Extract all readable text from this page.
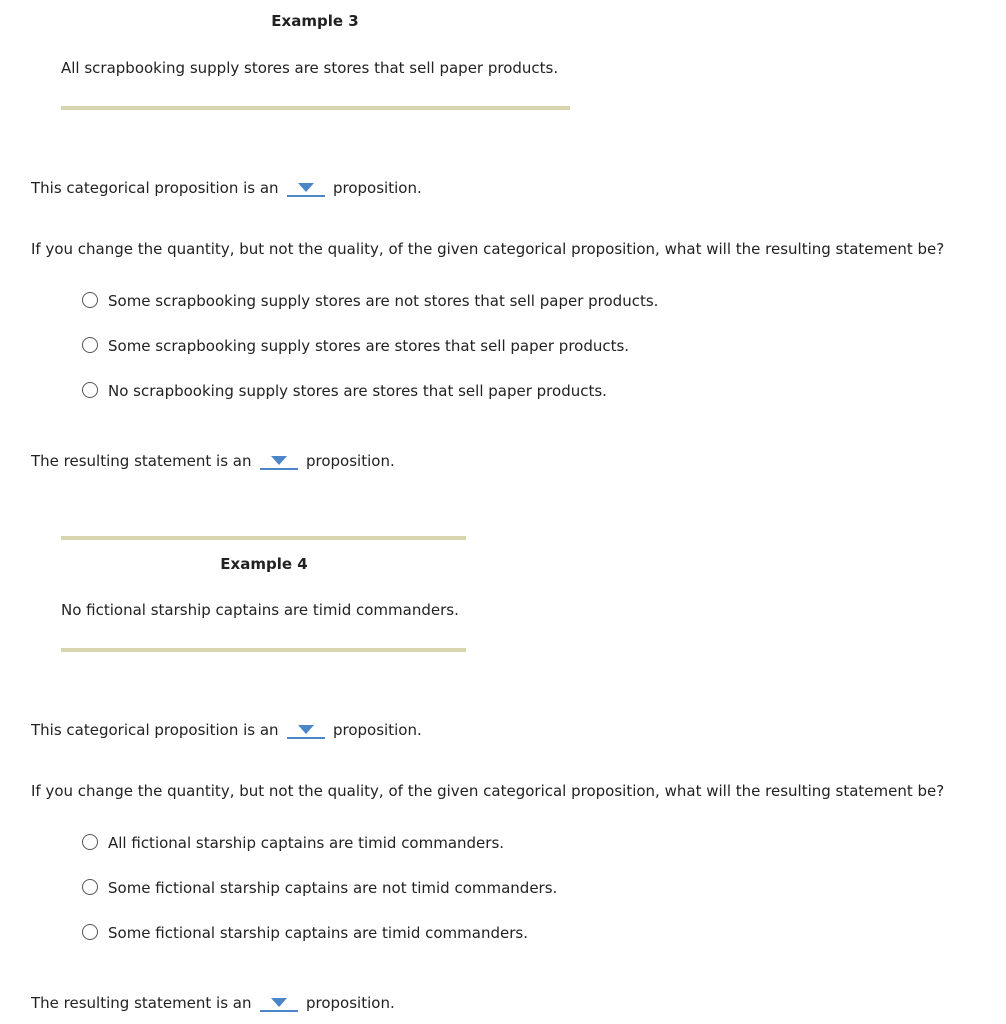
Example 3
All scrapbooking supply stores are stores that sell paper products.
This categorical proposition is an	proposition.
If you change the quantity, but not the quality, of the given categorical proposition, what will the resulting statement be?
Some scrapbooking supply stores are not stores that sell paper products.
Some scrapbooking supply stores are stores that sell paper products.
No scrapbooking supply stores are stores that sell paper products.
The resulting statement is an	proposition.
Example 4
No fictional starship captains are timid commanders.
This categorical proposition is an	proposition.
If you change the quantity, but not the quality, of the given categorical proposition, what will the resulting statement be?
All fictional starship captains are timid commanders.
Some fictional starship captains are not timid commanders.
Some fictional starship captains are timid commanders.
The resulting statement is an	proposition.
